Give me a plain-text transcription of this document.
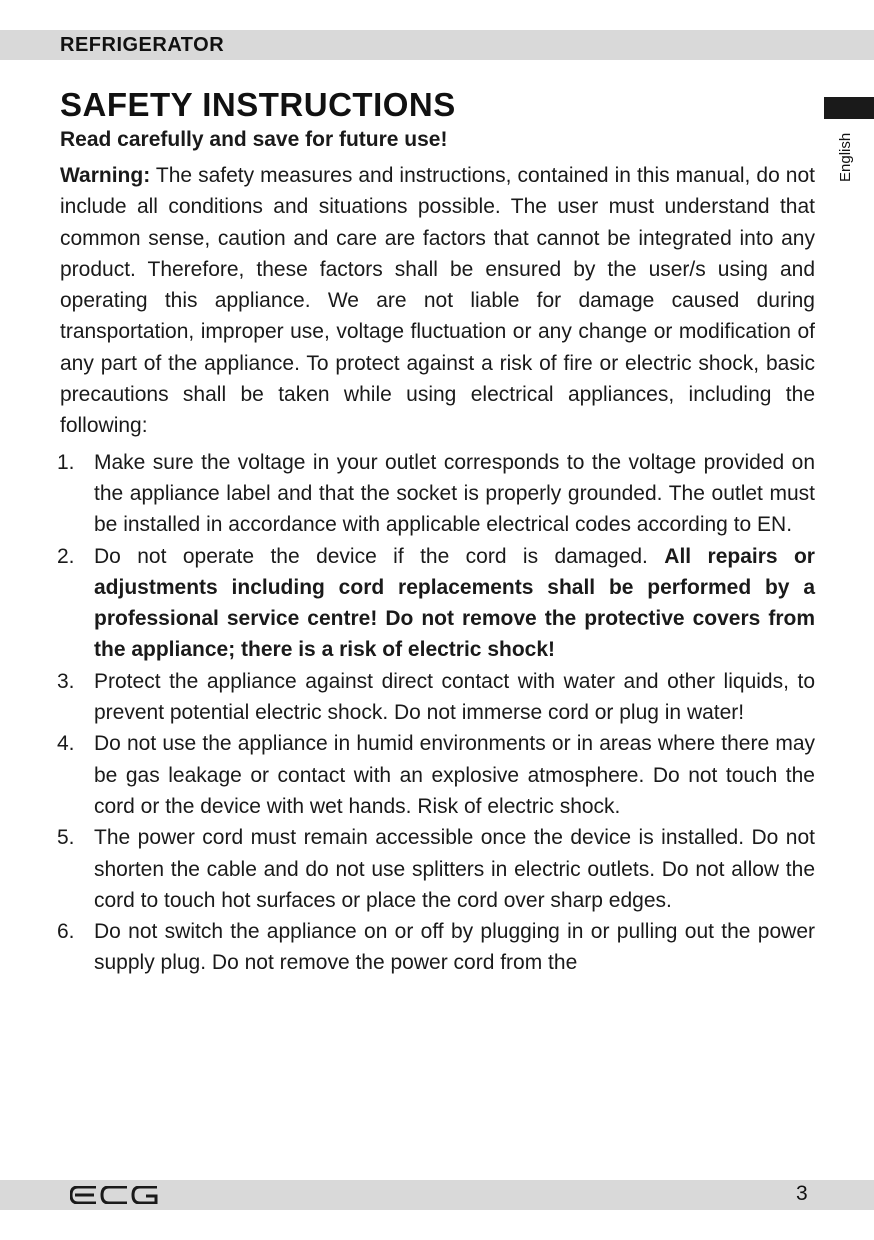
REFRIGERATOR
English
SAFETY INSTRUCTIONS
Read carefully and save for future use!

Warning: The safety measures and instructions, contained in this manual, do not include all conditions and situations possible. The user must understand that common sense, caution and care are factors that cannot be integrated into any product. Therefore, these factors shall be ensured by the user/s using and operating this appliance. We are not liable for damage caused during transportation, improper use, voltage fluctuation or any change or modification of any part of the appliance. To protect against a risk of fire or electric shock, basic precautions shall be taken while using electrical appliances, including the following:

1. Make sure the voltage in your outlet corresponds to the voltage provided on the appliance label and that the socket is properly grounded. The outlet must be installed in accordance with applicable electrical codes according to EN.
2. Do not operate the device if the cord is damaged. All repairs or adjustments including cord replacements shall be performed by a professional service centre! Do not remove the protective covers from the appliance; there is a risk of electric shock!
3. Protect the appliance against direct contact with water and other liquids, to prevent potential electric shock. Do not immerse cord or plug in water!
4. Do not use the appliance in humid environments or in areas where there may be gas leakage or contact with an explosive atmosphere. Do not touch the cord or the device with wet hands. Risk of electric shock.
5. The power cord must remain accessible once the device is installed. Do not shorten the cable and do not use splitters in electric outlets. Do not allow the cord to touch hot surfaces or place the cord over sharp edges.
6. Do not switch the appliance on or off by plugging in or pulling out the power supply plug. Do not remove the power cord from the
3
